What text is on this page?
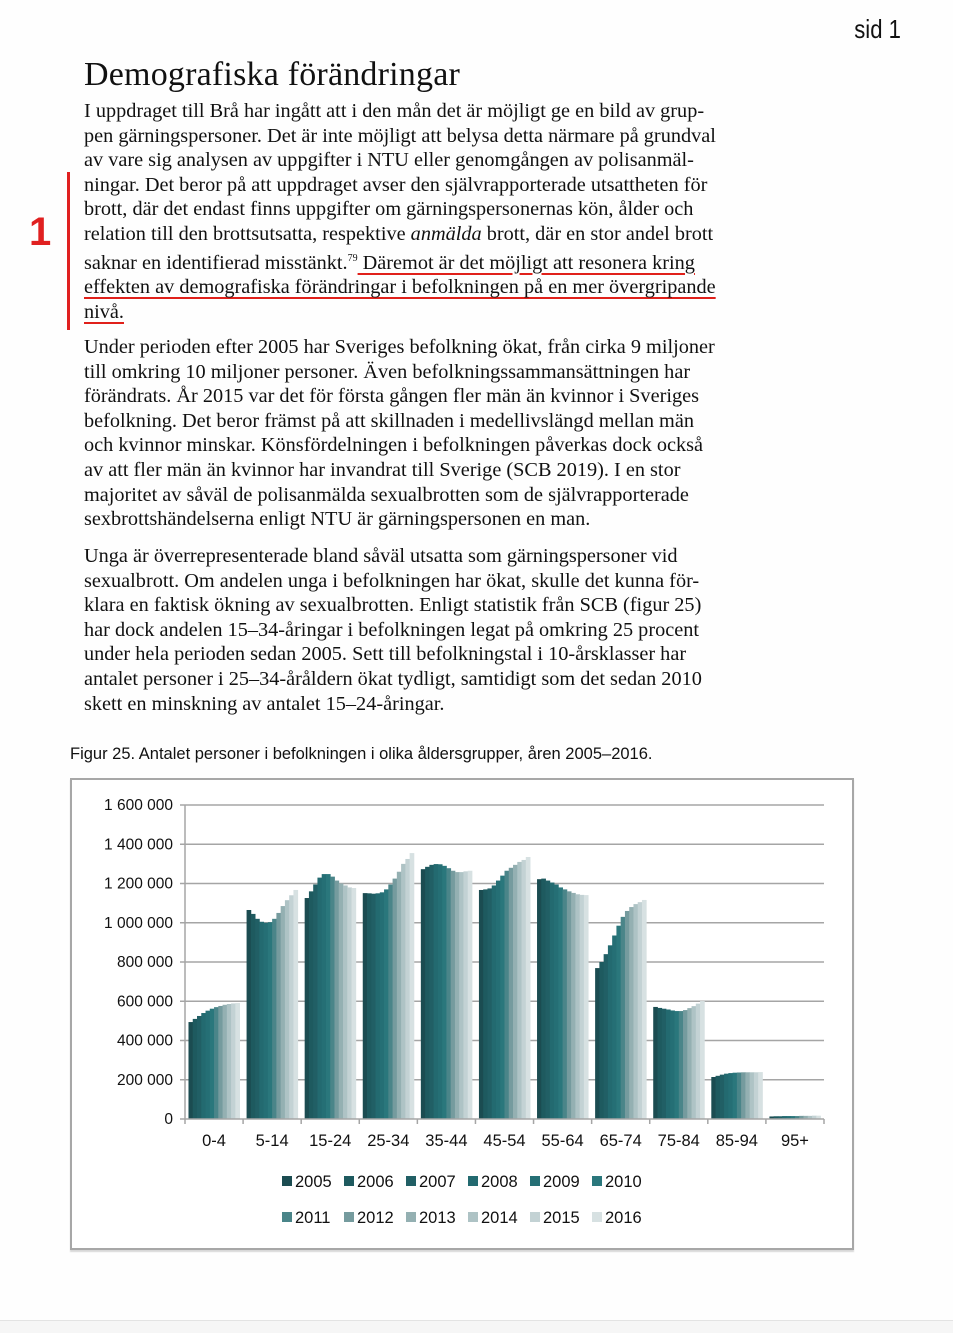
sid 1
Demografiska förändringar
1

I uppdraget till Brå har ingått att i den mån det är möjligt ge en bild av grup-
pen gärningspersoner. Det är inte möjligt att belysa detta närmare på grundval
av vare sig analysen av uppgifter i NTU eller genomgången av polisanmäl-
ningar. Det beror på att uppdraget avser den självrapporterade utsattheten för
brott, där det endast finns uppgifter om gärningspersonernas kön, ålder och
relation till den brottsutsatta, respektive anmälda brott, där en stor andel brott
saknar en identifierad misstänkt.$^{79}$ Däremot är det möjligt att resonera kring
effekten av demografiska förändringar i befolkningen på en mer övergripande
nivå.

Under perioden efter 2005 har Sveriges befolkning ökat, från cirka 9 miljoner
till omkring 10 miljoner personer. Även befolkningssammansättningen har
förändrats. År 2015 var det för första gången fler män än kvinnor i Sveriges
befolkning. Det beror främst på att skillnaden i medellivslängd mellan män
och kvinnor minskar. Könsfördelningen i befolkningen påverkas dock också
av att fler män än kvinnor har invandrat till Sverige (SCB 2019). I en stor
majoritet av såväl de polisanmälda sexualbrotten som de självrapporterade
sexbrottshändelserna enligt NTU är gärningspersonen en man.

Unga är överrepresenterade bland såväl utsatta som gärningspersoner vid
sexualbrott. Om andelen unga i befolkningen har ökat, skulle det kunna för-
klara en faktisk ökning av sexualbrotten. Enligt statistik från SCB (figur 25)
har dock andelen 15–34-åringar i befolkningen legat på omkring 25 procent
under hela perioden sedan 2005. Sett till befolkningstal i 10-årsklasser har
antalet personer i 25–34-åråldern ökat tydligt, samtidigt som det sedan 2010
skett en minskning av antalet 15–24-åringar.

Figur 25. Antalet personer i befolkningen i olika åldersgrupper, åren 2005–2016.
0
200 000
400 000
600 000
800 000
1 000 000
1 200 000
1 400 000
1 600 000
0-4 5-14 15-24 25-34 35-44 45-54 55-64 65-74 75-84 85-94 95+
2005 2006 2007 2008 2009 2010
2011 2012 2013 2014 2015 2016
